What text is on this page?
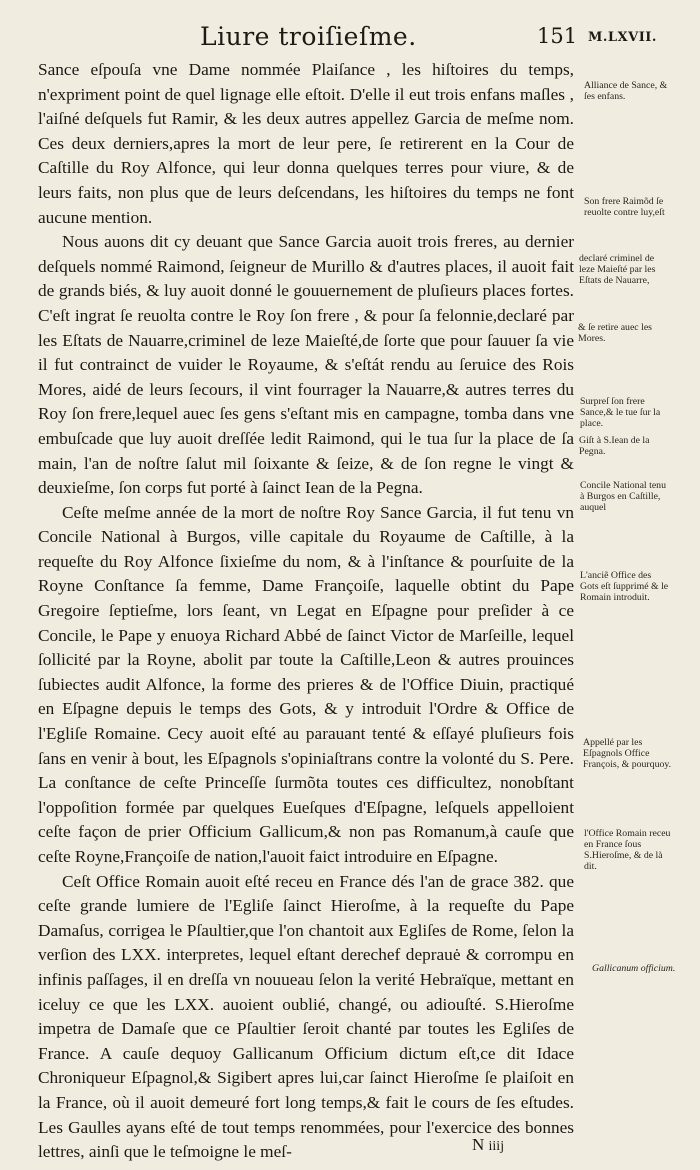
Liure troiſieſme.	151 M.LXVII.

Sance eſpouſa vne Dame nommée Plaiſance , les hiſtoires du temps, n'expriment point de quel lignage elle eſtoit. D'elle il eut trois enfans maſles , l'aiſné deſquels fut Ramir, & les deux autres appellez Garcia de meſme nom. Ces deux derniers,apres la mort de leur pere, ſe retirerent en la Cour de Caſtille du Roy Alfonce, qui leur donna quelques terres pour viure, & de leurs faits, non plus que de leurs deſcendans, les hiſtoires du temps ne font aucune mention.

Nous auons dit cy deuant que Sance Garcia auoit trois freres, au dernier deſquels nommé Raimond, ſeigneur de Murillo & d'autres places, il auoit fait de grands biés, & luy auoit donné le gouuernement de pluſieurs places fortes. C'eſt ingrat ſe reuolta contre le Roy ſon frere , & pour ſa felonnie,declaré par les Eſtats de Nauarre,criminel de leze Maieſté,de ſorte que pour ſauuer ſa vie il fut contrainct de vuider le Royaume, & s'eſtát rendu au ſeruice des Rois Mores, aidé de leurs ſecours, il vint fourrager la Nauarre,& autres terres du Roy ſon frere,lequel auec ſes gens s'eſtant mis en campagne, tomba dans vne embuſcade que luy auoit dreſſée ledit Raimond, qui le tua ſur la place de ſa main, l'an de noſtre ſalut mil ſoixante & ſeize, & de ſon regne le vingt & deuxieſme, ſon corps fut porté à ſainct Iean de la Pegna.

Ceſte meſme année de la mort de noſtre Roy Sance Garcia, il fut tenu vn Concile National à Burgos, ville capitale du Royaume de Caſtille, à la requeſte du Roy Alfonce ſixieſme du nom, & à l'inſtance & pourſuite de la Royne Conſtance ſa femme, Dame Françoiſe, laquelle obtint du Pape Gregoire ſeptieſme, lors ſeant, vn Legat en Eſpagne pour preſider à ce Concile, le Pape y enuoya Richard Abbé de ſainct Victor de Marſeille, lequel ſollicité par la Royne, abolit par toute la Caſtille,Leon & autres prouinces ſubiectes audit Alfonce, la forme des prieres & de l'Office Diuin, practiqué en Eſpagne depuis le temps des Gots, & y introduit l'Ordre & Office de l'Egliſe Romaine. Cecy auoit eſté au parauant tenté & eſſayé pluſieurs fois ſans en venir à bout, les Eſpagnols s'opiniaſtrans contre la volonté du S. Pere. La conſtance de ceſte Princeſſe ſurmõta toutes ces difficultez, nonobſtant l'oppoſition formée par quelques Eueſques d'Eſpagne, leſquels appelloient ceſte façon de prier Officium Gallicum,& non pas Romanum,à cauſe que ceſte Royne,Françoiſe de nation,l'auoit faict introduire en Eſpagne.

Ceſt Office Romain auoit eſté receu en France dés l'an de grace 382. que ceſte grande lumiere de l'Egliſe ſainct Hieroſme, à la requeſte du Pape Damaſus, corrigea le Pſaultier,que l'on chantoit aux Egliſes de Rome, ſelon la verſion des LXX. interpretes, lequel eſtant derechef deprauė & corrompu en infinis paſſages, il en dreſſa vn nouueau ſelon la verité Hebraïque, mettant en iceluy ce que les LXX. auoient oublié, changé, ou adiouſté. S.Hieroſme impetra de Damaſe que ce Pſaultier ſeroit chanté par toutes les Egliſes de France. A cauſe dequoy Gallicanum Officium dictum eſt,ce dit Idace Chroniqueur Eſpagnol,& Sigibert apres lui,car ſainct Hieroſme ſe plaiſoit en la France, où il auoit demeuré fort long temps,& fait le cours de ſes eſtudes. Les Gaulles ayans eſté de tout temps renommées, pour l'exercice des bonnes lettres, ainſi que le teſmoigne le meſ-

Alliance de Sance, & ſes enfans.
Son frere Raimõd ſe reuolte contre luy,eſt
declaré criminel de leze Maieſté par les Eſtats de Nauarre,
& ſe retire auec les Mores.
Surpreſ ſon frere Sance,& le tue ſur la place.
Giſt à S.Iean de la Pegna.
Concile National tenu à Burgos en Caſtille, auquel
L'anciẽ Office des Gots eſt ſupprimé & le Romain introduit.
Appellé par les Eſpagnols Office François, & pourquoy.
l'Office Romain receu en France ſous S.Hieroſme, & de là dit.
Gallicanum officium.
N iiij
